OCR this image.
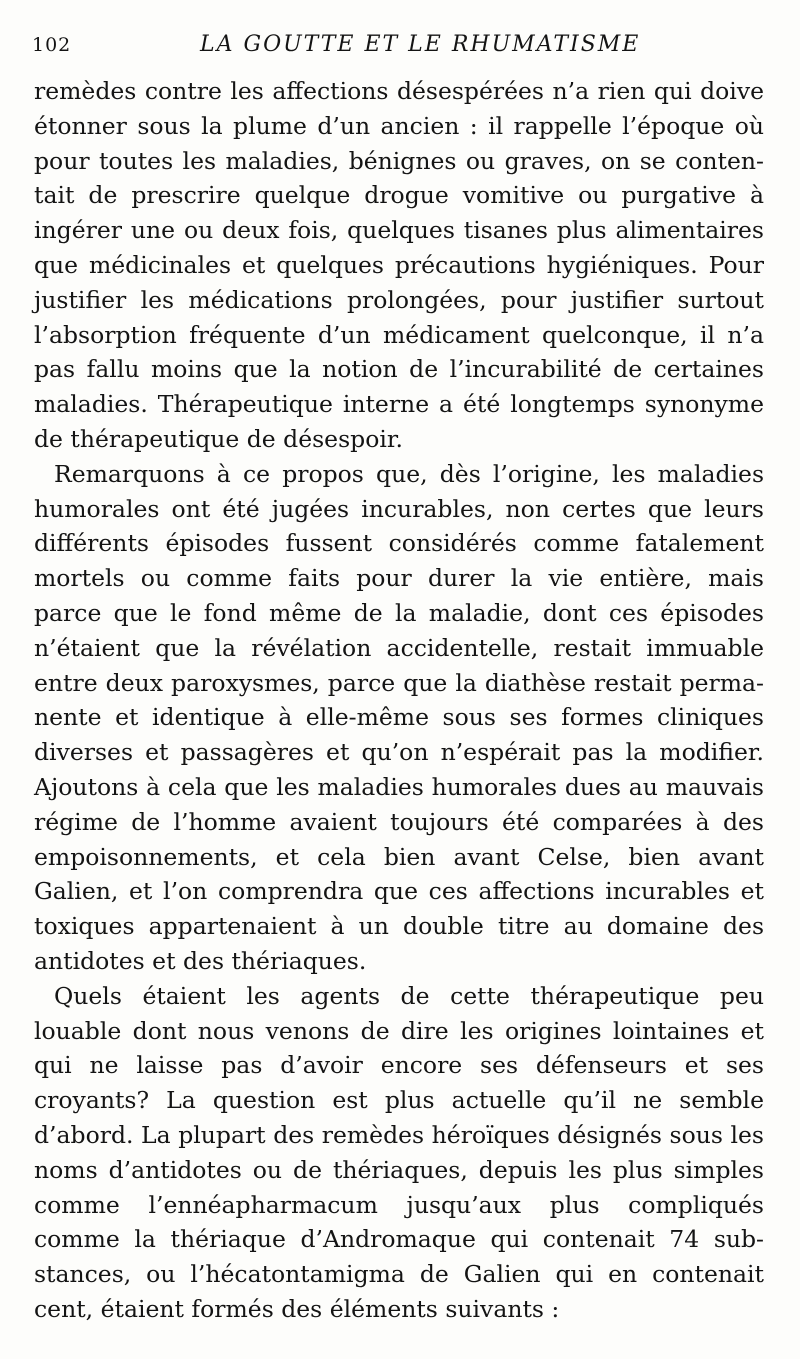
102	LA GOUTTE ET LE RHUMATISME
remèdes contre les affections désespérées n’a rien qui doive
étonner sous la plume d’un ancien : il rappelle l’époque où
pour toutes les maladies, bénignes ou graves, on se conten-
tait de prescrire quelque drogue vomitive ou purgative à
ingérer une ou deux fois, quelques tisanes plus alimentaires
que médicinales et quelques précautions hygiéniques. Pour
justifier les médications prolongées, pour justifier surtout
l’absorption fréquente d’un médicament quelconque, il n’a
pas fallu moins que la notion de l’incurabilité de certaines
maladies. Thérapeutique interne a été longtemps synonyme
de thérapeutique de désespoir.
Remarquons à ce propos que, dès l’origine, les maladies
humorales ont été jugées incurables, non certes que leurs
différents épisodes fussent considérés comme fatalement
mortels ou comme faits pour durer la vie entière, mais
parce que le fond même de la maladie, dont ces épisodes
n’étaient que la révélation accidentelle, restait immuable
entre deux paroxysmes, parce que la diathèse restait perma-
nente et identique à elle-même sous ses formes cliniques
diverses et passagères et qu’on n’espérait pas la modifier.
Ajoutons à cela que les maladies humorales dues au mauvais
régime de l’homme avaient toujours été comparées à des
empoisonnements, et cela bien avant Celse, bien avant
Galien, et l’on comprendra que ces affections incurables et
toxiques appartenaient à un double titre au domaine des
antidotes et des thériaques.
Quels étaient les agents de cette thérapeutique peu
louable dont nous venons de dire les origines lointaines et
qui ne laisse pas d’avoir encore ses défenseurs et ses
croyants? La question est plus actuelle qu’il ne semble
d’abord. La plupart des remèdes héroïques désignés sous les
noms d’antidotes ou de thériaques, depuis les plus simples
comme l’ennéapharmacum jusqu’aux plus compliqués
comme la thériaque d’Andromaque qui contenait 74 sub-
stances, ou l’hécatontamigma de Galien qui en contenait
cent, étaient formés des éléments suivants :
